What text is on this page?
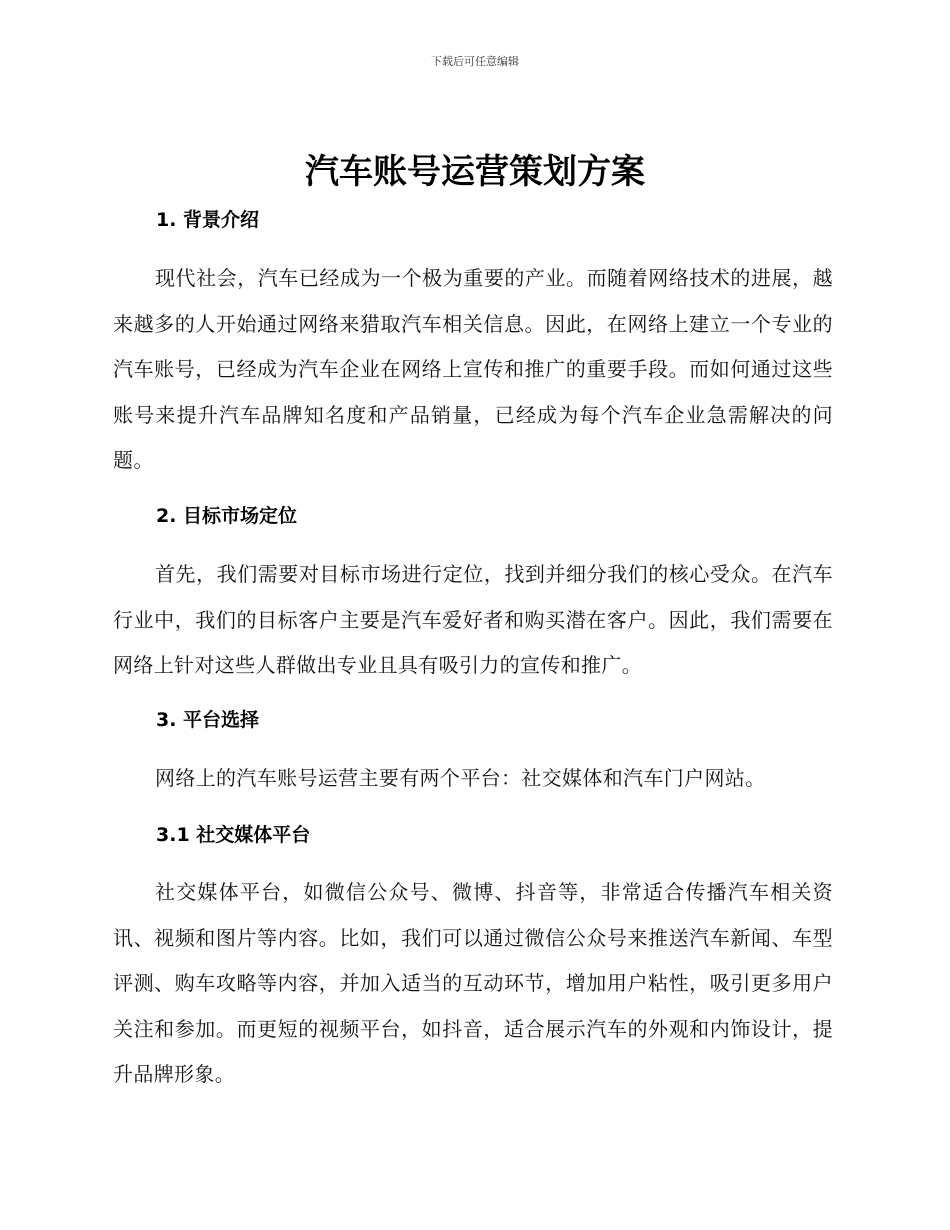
下载后可任意编辑
汽车账号运营策划方案
1. 背景介绍

现代社会，汽车已经成为一个极为重要的产业。而随着网络技术的进展，越来越多的人开始通过网络来猎取汽车相关信息。因此，在网络上建立一个专业的汽车账号，已经成为汽车企业在网络上宣传和推广的重要手段。而如何通过这些账号来提升汽车品牌知名度和产品销量，已经成为每个汽车企业急需解决的问题。

2. 目标市场定位

首先，我们需要对目标市场进行定位，找到并细分我们的核心受众。在汽车行业中，我们的目标客户主要是汽车爱好者和购买潜在客户。因此，我们需要在网络上针对这些人群做出专业且具有吸引力的宣传和推广。

3. 平台选择

网络上的汽车账号运营主要有两个平台：社交媒体和汽车门户网站。

3.1 社交媒体平台

社交媒体平台，如微信公众号、微博、抖音等，非常适合传播汽车相关资讯、视频和图片等内容。比如，我们可以通过微信公众号来推送汽车新闻、车型评测、购车攻略等内容，并加入适当的互动环节，增加用户粘性，吸引更多用户关注和参加。而更短的视频平台，如抖音，适合展示汽车的外观和内饰设计，提升品牌形象。
